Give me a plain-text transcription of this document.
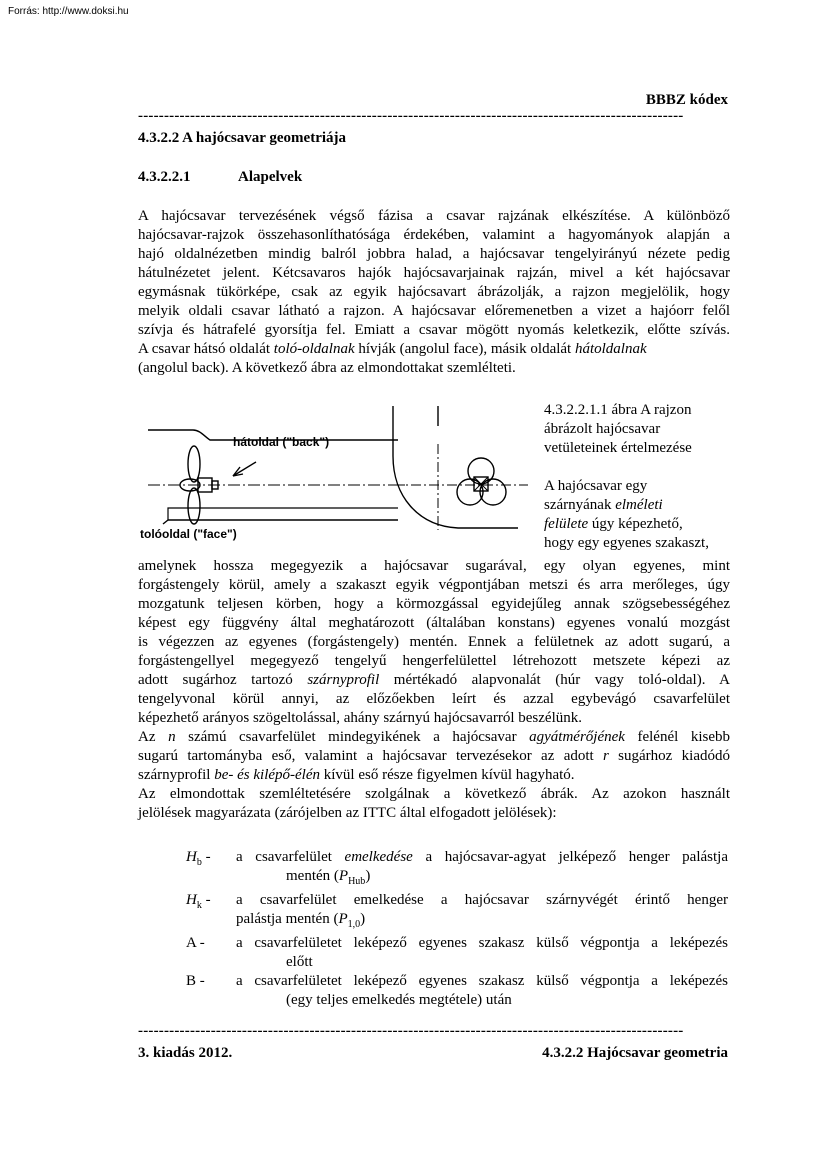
Forrás: http://www.doksi.hu
BBBZ kódex
---------------------------------------------------------------------------------------------------------
4.3.2.2 A hajócsavar geometriája
4.3.2.2.1	Alapelvek
A hajócsavar tervezésének végső fázisa a csavar rajzának elkészítése. A különböző
hajócsavar-rajzok összehasonlíthatósága érdekében, valamint a hagyományok alapján a
hajó oldalnézetben mindig balról jobbra halad, a hajócsavar tengelyirányú nézete pedig
hátulnézetet jelent. Kétcsavaros hajók hajócsavarjainak rajzán, mivel a két hajócsavar
egymásnak tükörképe, csak az egyik hajócsavart ábrázolják, a rajzon megjelölik, hogy
melyik oldali csavar látható a rajzon. A hajócsavar előremenetben a vizet a hajóorr felől
szívja és hátrafelé gyorsítja fel. Emiatt a csavar mögött nyomás keletkezik, előtte szívás.
A csavar hátsó oldalát toló-oldalnak hívják (angolul face), másik oldalát hátoldalnak
(angolul back). A következő ábra az elmondottakat szemlélteti.
hátoldal ("back")
tolóoldal ("face")
4.3.2.2.1.1 ábra A rajzon
ábrázolt hajócsavar
vetületeinek értelmezése

A hajócsavar egy
szárnyának elméleti
felülete úgy képezhető,
hogy egy egyenes szakaszt,
amelynek hossza megegyezik a hajócsavar sugarával, egy olyan egyenes, mint
forgástengely körül, amely a szakaszt egyik végpontjában metszi és arra merőleges, úgy
mozgatunk teljesen körben, hogy a körmozgással egyidejűleg annak szögsebességéhez
képest egy függvény által meghatározott (általában konstans) egyenes vonalú mozgást
is végezzen az egyenes (forgástengely) mentén. Ennek a felületnek az adott sugarú, a
forgástengellyel megegyező tengelyű hengerfelülettel létrehozott metszete képezi az
adott sugárhoz tartozó szárnyprofil mértékadó alapvonalát (húr vagy toló-oldal). A
tengelyvonal körül annyi, az előzőekben leírt és azzal egybevágó csavarfelület
képezhető arányos szögeltolással, ahány szárnyú hajócsavarról beszélünk.
Az n számú csavarfelület mindegyikének a hajócsavar agyátmérőjének felénél kisebb
sugarú tartományba eső, valamint a hajócsavar tervezésekor az adott r sugárhoz kiadódó
szárnyprofil be- és kilépő-élén kívül eső része figyelmen kívül hagyható.
Az elmondottak szemléltetésére szolgálnak a következő ábrák. Az azokon használt
jelölések magyarázata (zárójelben az ITTC által elfogadott jelölések):
$H_b$ -	a csavarfelület emelkedése a hajócsavar-agyat jelképező henger palástja
mentén $(P_{Hub})$
$H_k$ -	a csavarfelület emelkedése a hajócsavar szárnyvégét érintő henger
palástja mentén $(P_{1,0})$
A -	a csavarfelületet leképező egyenes szakasz külső végpontja a leképezés
előtt
B -	a csavarfelületet leképező egyenes szakasz külső végpontja a leképezés
(egy teljes emelkedés megtétele) után
---------------------------------------------------------------------------------------------------------
3. kiadás 2012.	4.3.2.2 Hajócsavar geometria
